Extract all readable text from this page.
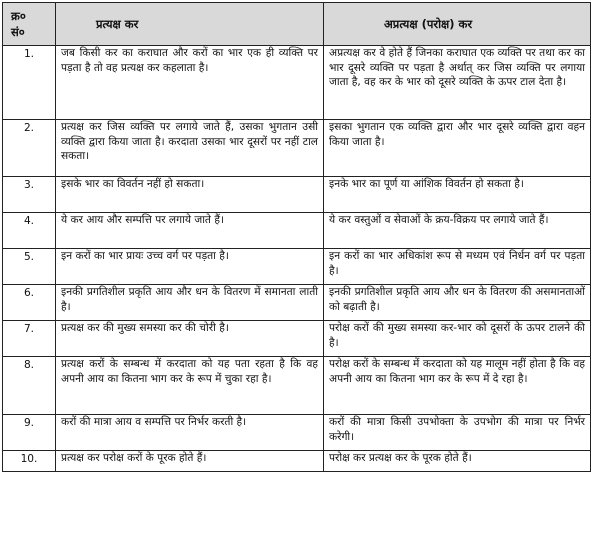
क्र०
सं०	प्रत्यक्ष कर	अप्रत्यक्ष (परोक्ष) कर
1.	जब किसी कर का कराघात और करों का भार एक ही व्यक्ति पर पड़ता है तो वह प्रत्यक्ष कर कहलाता है।	अप्रत्यक्ष कर वे होते हैं जिनका कराघात एक व्यक्ति पर तथा कर का भार दूसरे व्यक्ति पर पड़ता है अर्थात् कर जिस व्यक्ति पर लगाया जाता है, वह कर के भार को दूसरे व्यक्ति के ऊपर टाल देता है।
2.	प्रत्यक्ष कर जिस व्यक्ति पर लगाये जाते हैं, उसका भुगतान उसी व्यक्ति द्वारा किया जाता है। करदाता उसका भार दूसरों पर नहीं टाल सकता।	इसका भुगतान एक व्यक्ति द्वारा और भार दूसरे व्यक्ति द्वारा वहन किया जाता है।
3.	इसके भार का विवर्तन नहीं हो सकता।	इनके भार का पूर्ण या आंशिक विवर्तन हो सकता है।
4.	ये कर आय और सम्पत्ति पर लगाये जाते हैं।	ये कर वस्तुओं व सेवाओं के क्रय-विक्रय पर लगाये जाते हैं।
5.	इन करों का भार प्रायः उच्च वर्ग पर पड़ता है।	इन करों का भार अधिकांश रूप से मध्यम एवं निर्धन वर्ग पर पड़ता है।
6.	इनकी प्रगतिशील प्रकृति आय और धन के वितरण में समानता लाती है।	इनकी प्रगतिशील प्रकृति आय और धन के वितरण की असमानताओं को बढ़ाती है।
7.	प्रत्यक्ष कर की मुख्य समस्या कर की चोरी है।	परोक्ष करों की मुख्य समस्या कर-भार को दूसरों के ऊपर टालने की है।
8.	प्रत्यक्ष करों के सम्बन्ध में करदाता को यह पता रहता है कि वह अपनी आय का कितना भाग कर के रूप में चुका रहा है।	परोक्ष करों के सम्बन्ध में करदाता को यह मालूम नहीं होता है कि वह अपनी आय का कितना भाग कर के रूप में दे रहा है।
9.	करों की मात्रा आय व सम्पत्ति पर निर्भर करती है।	करों की मात्रा किसी उपभोक्ता के उपभोग की मात्रा पर निर्भर करेगी।
10.	प्रत्यक्ष कर परोक्ष करों के पूरक होते हैं।	परोक्ष कर प्रत्यक्ष कर के पूरक होते हैं।
